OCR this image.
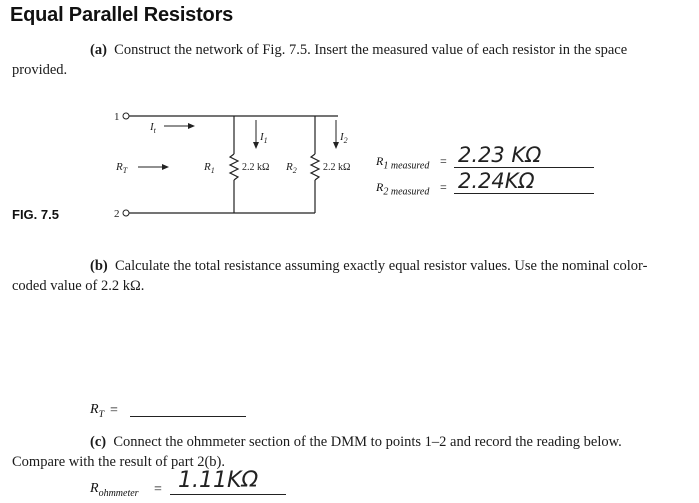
Equal Parallel Resistors
(a) Construct the network of Fig. 7.5. Insert the measured value of each resistor in the space provided.
1
$I_t$
$R_T$	$R_1$	2.2 kΩ
$I_1$
$R_2$	2.2 kΩ
$I_2$
2
$R_{1 measured} = 2.23$ KΩ
$R_{2 measured} = 2.24K\Omega$
FIG. 7.5
(b) Calculate the total resistance assuming exactly equal resistor values. Use the nominal color-coded value of 2.2 kΩ.
$R_T$ =
(c) Connect the ohmmeter section of the DMM to points 1–2 and record the reading below. Compare with the result of part 2(b).
$R_{ohmmeter} = 1.11K\Omega$
